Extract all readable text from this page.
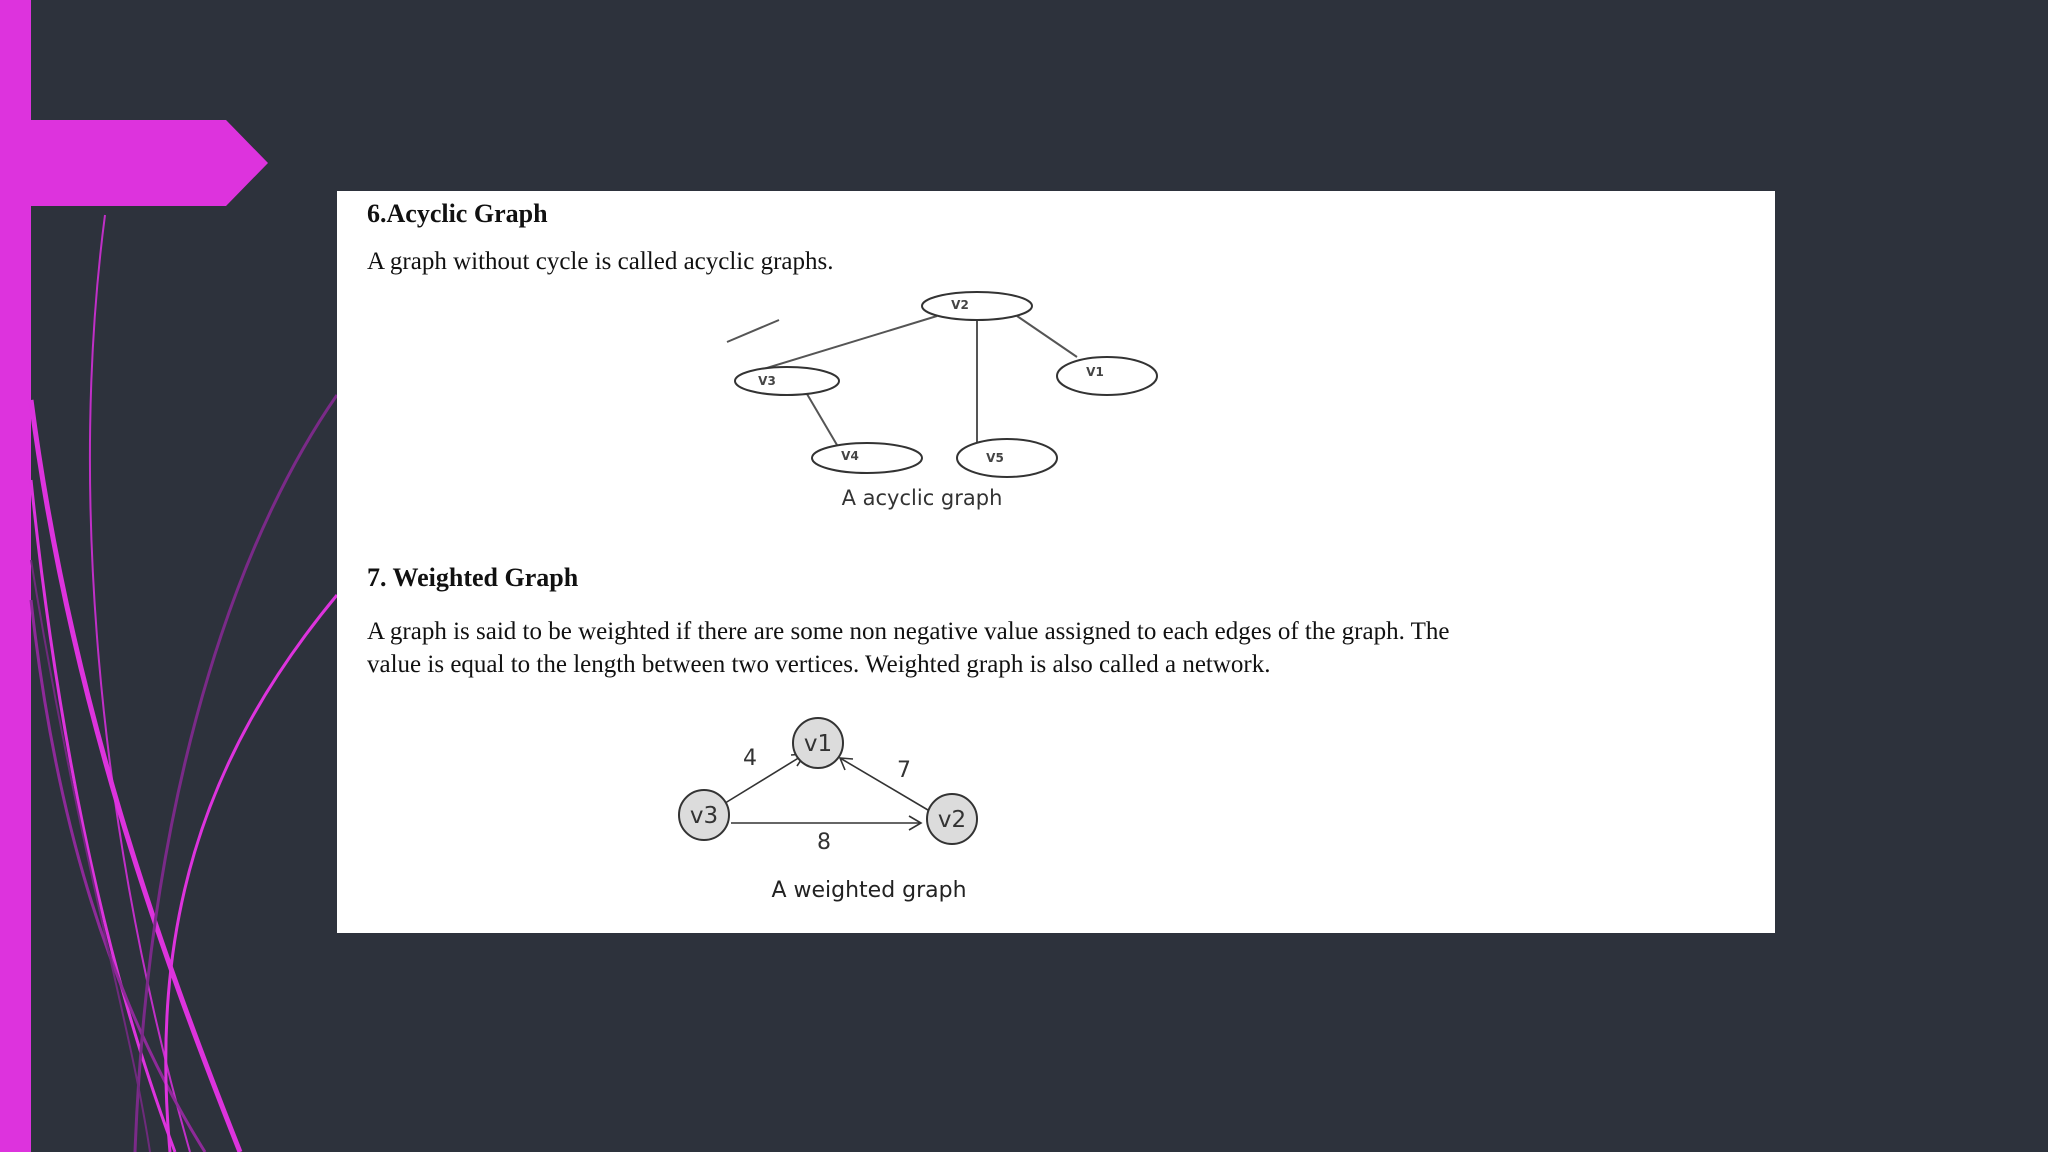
6.Acyclic Graph
A graph without cycle is called acyclic graphs.
V2
V3
V1
V4	V5
A acyclic graph
7. Weighted Graph
A graph is said to be weighted if there are some non negative value assigned to each edges of the graph. The
value is equal to the length between two vertices. Weighted graph is also called a network.
v1
v2
v3
4	7
8
A weighted graph
